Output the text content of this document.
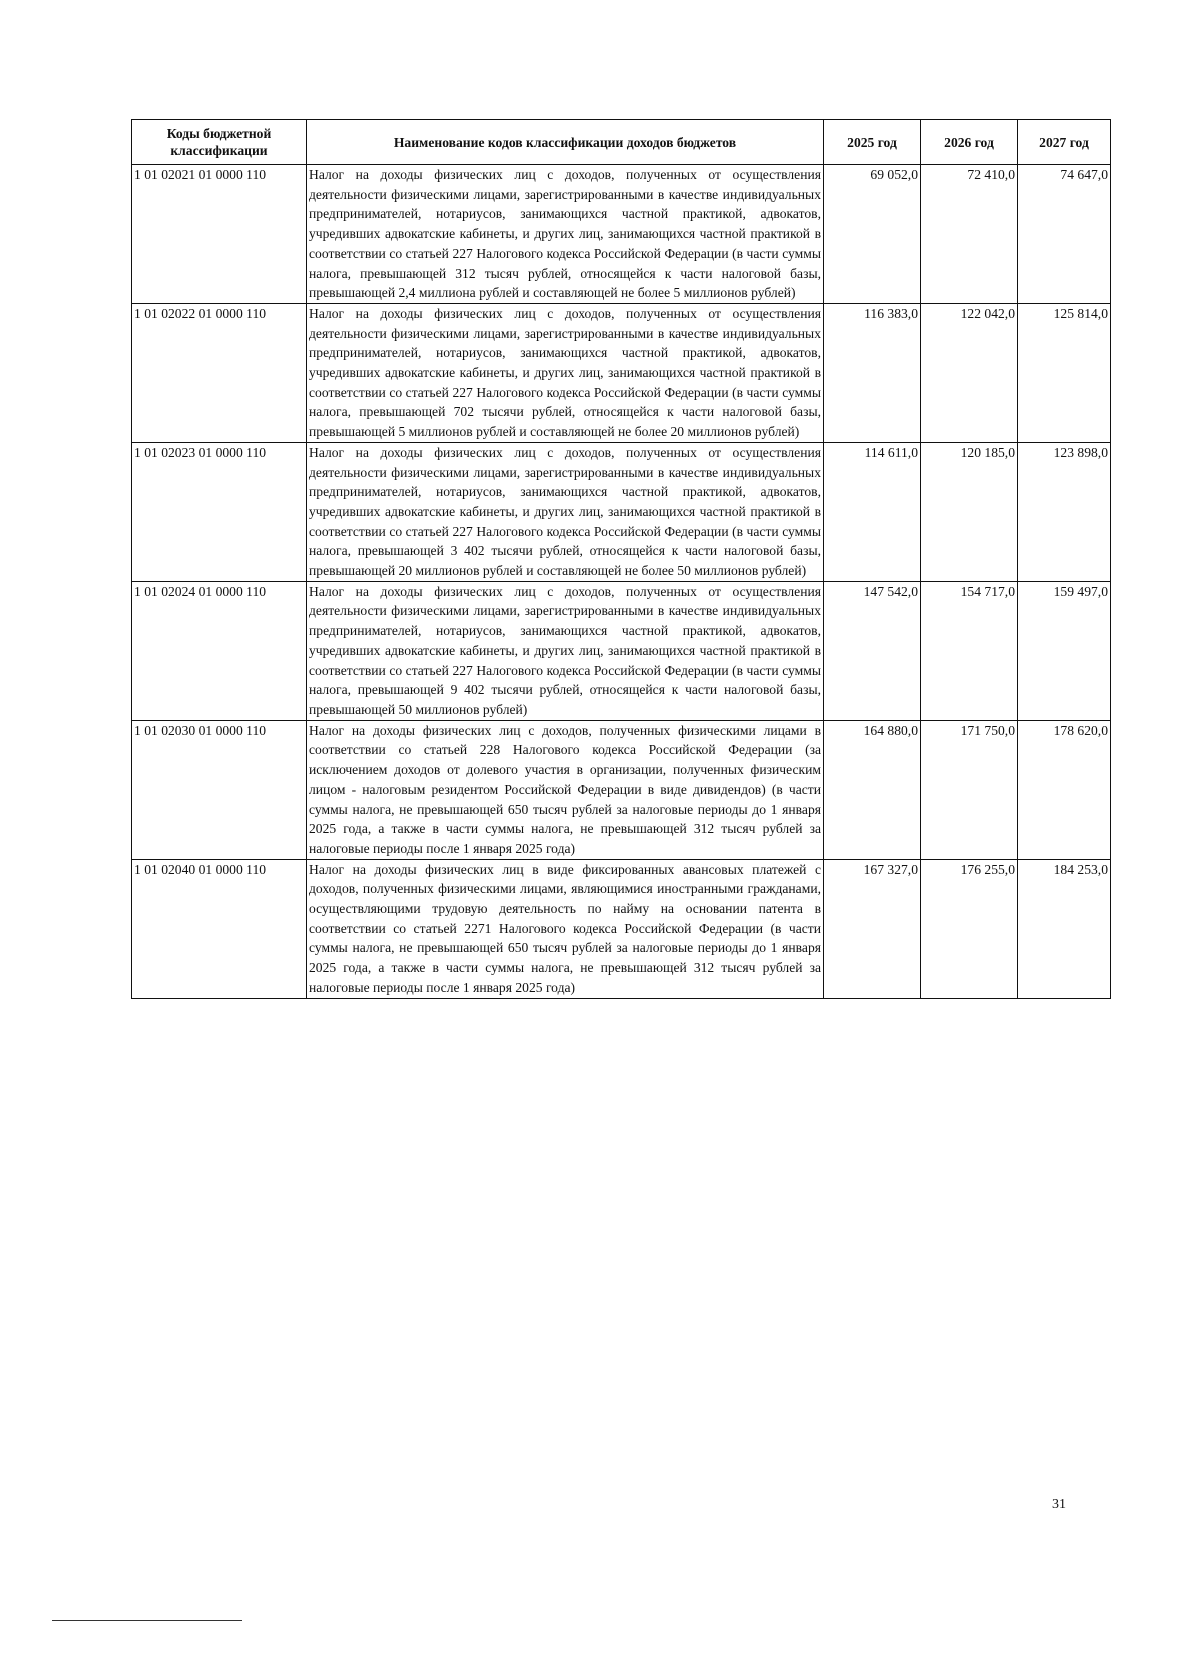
Коды бюджетной классификации	Наименование кодов классификации доходов бюджетов	2025 год	2026 год	2027 год
1 01 02021 01 0000 110	Налог на доходы физических лиц с доходов, полученных от осуществления деятельности физическими лицами, зарегистрированными в качестве индивидуальных предпринимателей, нотариусов, занимающихся частной практикой, адвокатов, учредивших адвокатские кабинеты, и других лиц, занимающихся частной практикой в соответствии со статьей 227 Налогового кодекса Российской Федерации (в части суммы налога, превышающей 312 тысяч рублей, относящейся к части налоговой базы, превышающей 2,4 миллиона рублей и составляющей не более 5 миллионов рублей)	69 052,0	72 410,0	74 647,0
1 01 02022 01 0000 110	Налог на доходы физических лиц с доходов, полученных от осуществления деятельности физическими лицами, зарегистрированными в качестве индивидуальных предпринимателей, нотариусов, занимающихся частной практикой, адвокатов, учредивших адвокатские кабинеты, и других лиц, занимающихся частной практикой в соответствии со статьей 227 Налогового кодекса Российской Федерации (в части суммы налога, превышающей 702 тысячи рублей, относящейся к части налоговой базы, превышающей 5 миллионов рублей и составляющей не более 20 миллионов рублей)	116 383,0	122 042,0	125 814,0
1 01 02023 01 0000 110	Налог на доходы физических лиц с доходов, полученных от осуществления деятельности физическими лицами, зарегистрированными в качестве индивидуальных предпринимателей, нотариусов, занимающихся частной практикой, адвокатов, учредивших адвокатские кабинеты, и других лиц, занимающихся частной практикой в соответствии со статьей 227 Налогового кодекса Российской Федерации (в части суммы налога, превышающей 3 402 тысячи рублей, относящейся к части налоговой базы, превышающей 20 миллионов рублей и составляющей не более 50 миллионов рублей)	114 611,0	120 185,0	123 898,0
1 01 02024 01 0000 110	Налог на доходы физических лиц с доходов, полученных от осуществления деятельности физическими лицами, зарегистрированными в качестве индивидуальных предпринимателей, нотариусов, занимающихся частной практикой, адвокатов, учредивших адвокатские кабинеты, и других лиц, занимающихся частной практикой в соответствии со статьей 227 Налогового кодекса Российской Федерации (в части суммы налога, превышающей 9 402 тысячи рублей, относящейся к части налоговой базы, превышающей 50 миллионов рублей)	147 542,0	154 717,0	159 497,0
1 01 02030 01 0000 110	Налог на доходы физических лиц с доходов, полученных физическими лицами в соответствии со статьей 228 Налогового кодекса Российской Федерации (за исключением доходов от долевого участия в организации, полученных физическим лицом - налоговым резидентом Российской Федерации в виде дивидендов) (в части суммы налога, не превышающей 650 тысяч рублей за налоговые периоды до 1 января 2025 года, а также в части суммы налога, не превышающей 312 тысяч рублей за налоговые периоды после 1 января 2025 года)	164 880,0	171 750,0	178 620,0
1 01 02040 01 0000 110	Налог на доходы физических лиц в виде фиксированных авансовых платежей с доходов, полученных физическими лицами, являющимися иностранными гражданами, осуществляющими трудовую деятельность по найму на основании патента в соответствии со статьей 2271 Налогового кодекса Российской Федерации (в части суммы налога, не превышающей 650 тысяч рублей за налоговые периоды до 1 января 2025 года, а также в части суммы налога, не превышающей 312 тысяч рублей за налоговые периоды после 1 января 2025 года)	167 327,0	176 255,0	184 253,0
31
